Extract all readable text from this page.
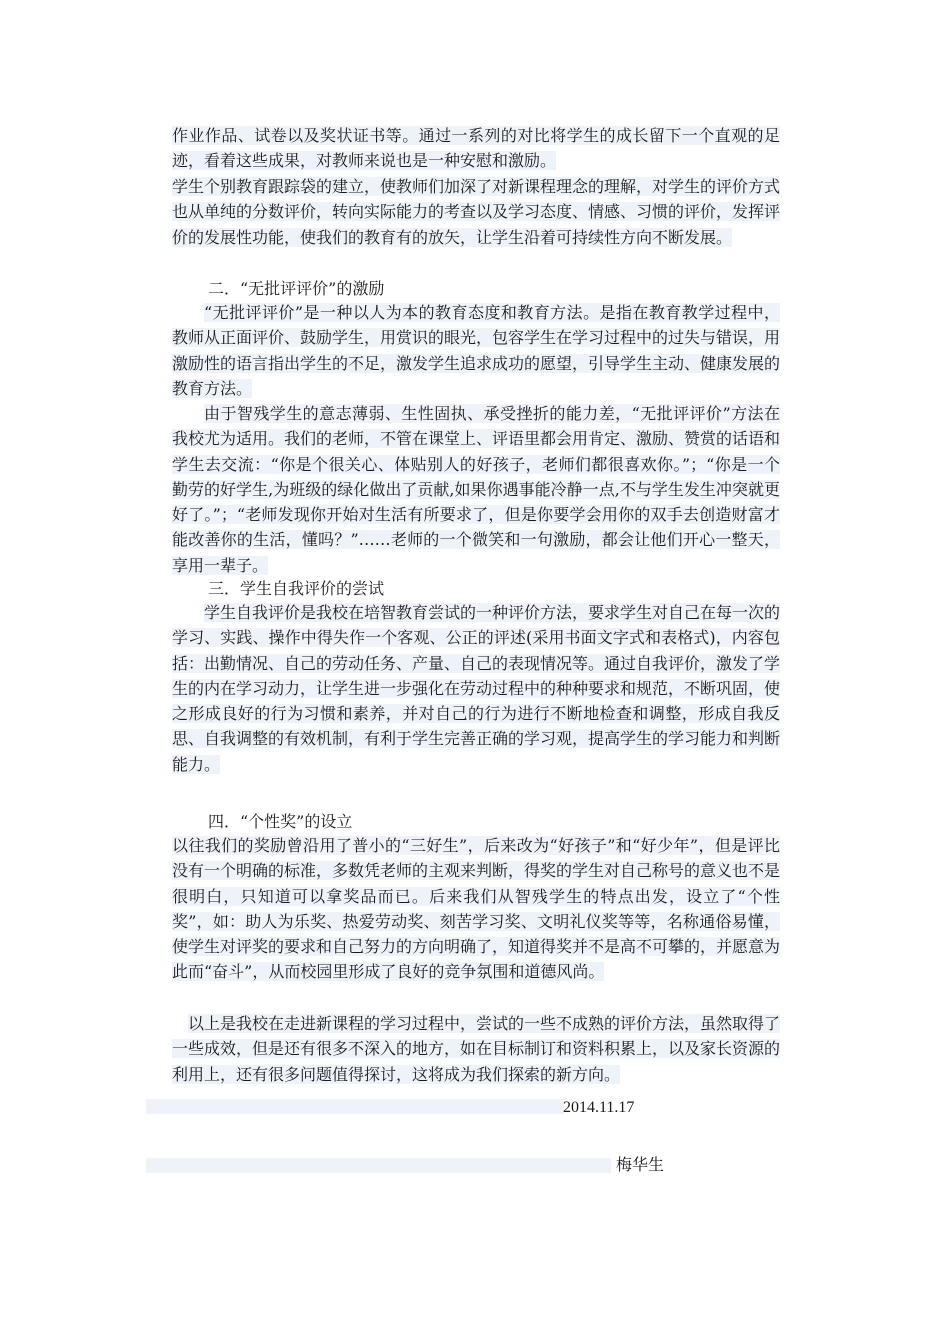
作业作品、试卷以及奖状证书等。通过一系列的对比将学生的成长留下一个直观的足迹，看着这些成果，对教师来说也是一种安慰和激励。

学生个别教育跟踪袋的建立，使教师们加深了对新课程理念的理解，对学生的评价方式也从单纯的分数评价，转向实际能力的考查以及学习态度、情感、习惯的评价，发挥评价的发展性功能，使我们的教育有的放矢，让学生沿着可持续性方向不断发展。

二．“无批评评价”的激励

“无批评评价”是一种以人为本的教育态度和教育方法。是指在教育教学过程中，教师从正面评价、鼓励学生，用赏识的眼光，包容学生在学习过程中的过失与错误，用激励性的语言指出学生的不足，激发学生追求成功的愿望，引导学生主动、健康发展的教育方法。

由于智残学生的意志薄弱、生性固执、承受挫折的能力差，“无批评评价”方法在我校尤为适用。我们的老师，不管在课堂上、评语里都会用肯定、激励、赞赏的话语和学生去交流：“你是个很关心、体贴别人的好孩子，老师们都很喜欢你。”；“你是一个勤劳的好学生,为班级的绿化做出了贡献,如果你遇事能冷静一点,不与学生发生冲突就更好了。”；“老师发现你开始对生活有所要求了，但是你要学会用你的双手去创造财富才能改善你的生活，懂吗？”……老师的一个微笑和一句激励，都会让他们开心一整天，享用一辈子。

三．学生自我评价的尝试

学生自我评价是我校在培智教育尝试的一种评价方法，要求学生对自己在每一次的学习、实践、操作中得失作一个客观、公正的评述(采用书面文字式和表格式)，内容包括：出勤情况、自己的劳动任务、产量、自己的表现情况等。通过自我评价，激发了学生的内在学习动力，让学生进一步强化在劳动过程中的种种要求和规范，不断巩固，使之形成良好的行为习惯和素养，并对自己的行为进行不断地检查和调整，形成自我反思、自我调整的有效机制，有利于学生完善正确的学习观，提高学生的学习能力和判断能力。

四．“个性奖”的设立

以往我们的奖励曾沿用了普小的“三好生”，后来改为“好孩子”和“好少年”，但是评比没有一个明确的标准，多数凭老师的主观来判断，得奖的学生对自己称号的意义也不是很明白，只知道可以拿奖品而已。后来我们从智残学生的特点出发，设立了“个性奖”，如：助人为乐奖、热爱劳动奖、刻苦学习奖、文明礼仪奖等等，名称通俗易懂，使学生对评奖的要求和自己努力的方向明确了，知道得奖并不是高不可攀的，并愿意为此而“奋斗”，从而校园里形成了良好的竞争氛围和道德风尚。

以上是我校在走进新课程的学习过程中，尝试的一些不成熟的评价方法，虽然取得了一些成效，但是还有很多不深入的地方，如在目标制订和资料积累上，以及家长资源的利用上，还有很多问题值得探讨，这将成为我们探索的新方向。

2014.11.17
梅华生
